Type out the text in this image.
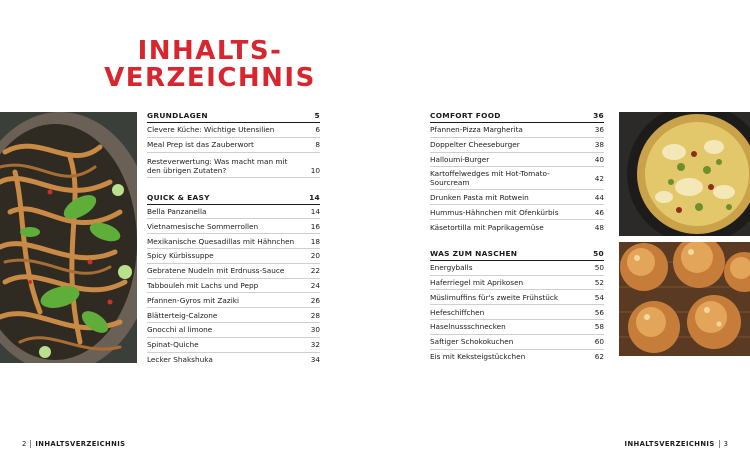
INHALTS-
VERZEICHNIS
GRUNDLAGEN	5
Clevere Küche: Wichtige Utensilien	6
Meal Prep ist das Zauberwort	8
Resteverwertung: Was macht man mit den übrigen Zutaten?	10
QUICK & EASY	14
Bella Panzanella	14
Vietnamesische Sommerrollen	16
Mexikanische Quesadillas mit Hähnchen	18
Spicy Kürbissuppe	20
Gebratene Nudeln mit Erdnuss-Sauce	22
Tabbouleh mit Lachs und Pepp	24
Pfannen-Gyros mit Zaziki	26
Blätterteig-Calzone	28
Gnocchi al limone	30
Spinat-Quiche	32
Lecker Shakshuka	34
COMFORT FOOD	36
Pfannen-Pizza Margherita	36
Doppelter Cheeseburger	38
Halloumi-Burger	40
Kartoffelwedges mit Hot-Tomato-Sourcream	42
Drunken Pasta mit Rotwein	44
Hummus-Hähnchen mit Ofenkürbis	46
Käsetortilla mit Paprikagemüse	48
WAS ZUM NASCHEN	50
Energyballs	50
Haferriegel mit Aprikosen	52
Müslimuffins für's zweite Frühstück	54
Hefeschiffchen	56
Haselnussschnecken	58
Saftiger Schokokuchen	60
Eis mit Keksteigstückchen	62
2 INHALTSVERZEICHNIS	INHALTSVERZEICHNIS 3
